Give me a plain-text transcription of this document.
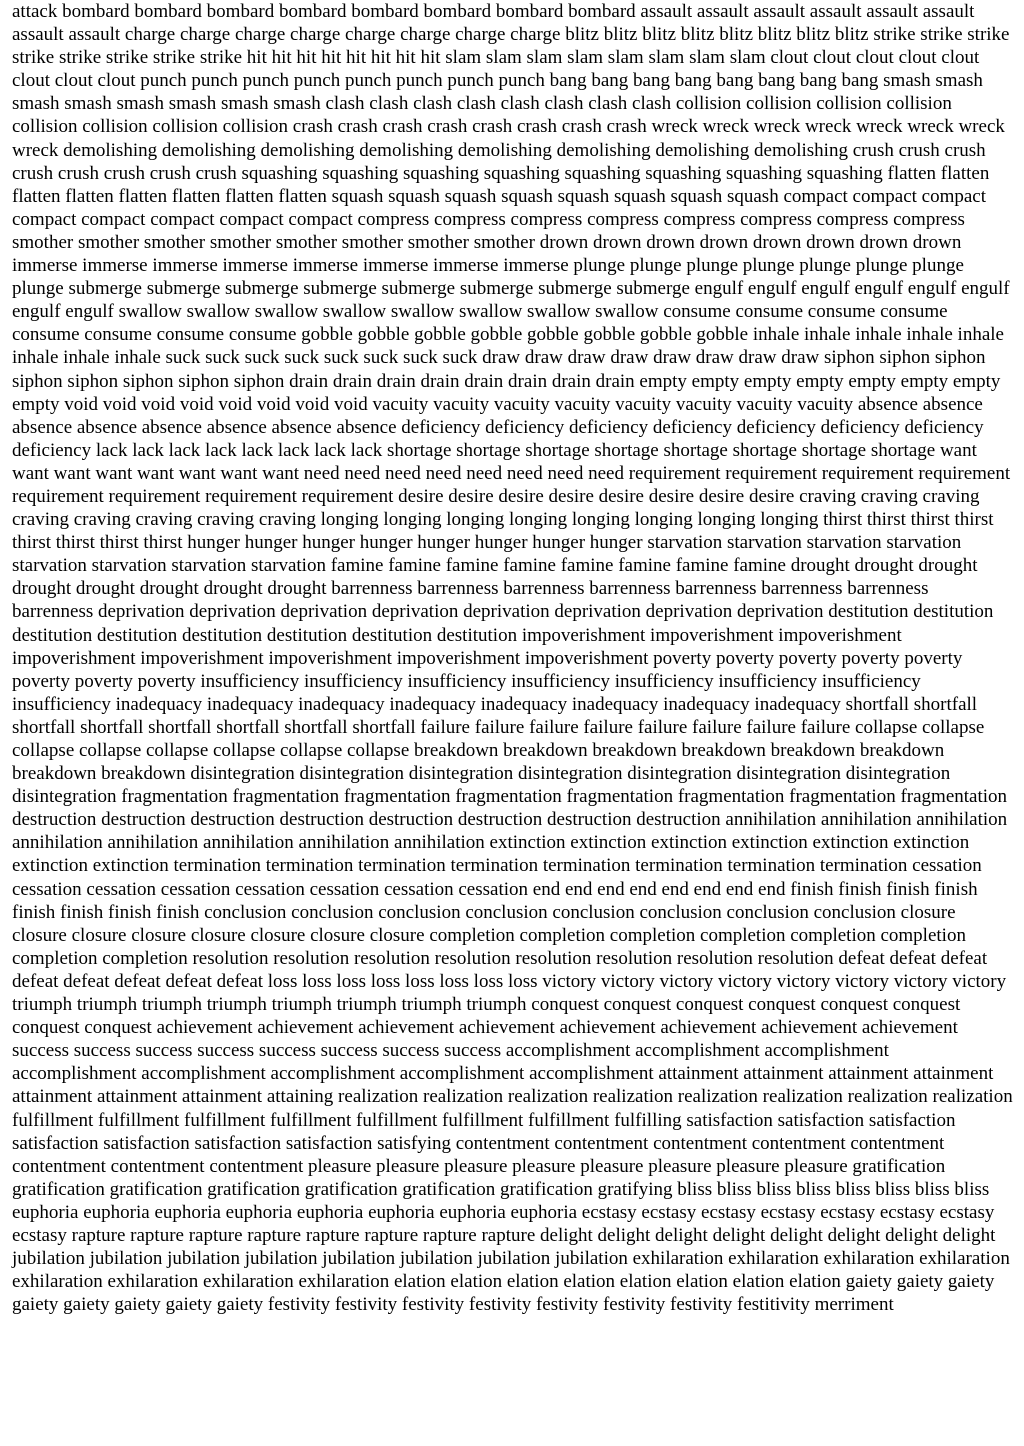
attack bombard bombard bombard bombard bombard bombard bombard bombard assault assault assault assault assault assault assault assault charge charge charge charge charge charge charge charge blitz blitz blitz blitz blitz blitz blitz blitz strike strike strike strike strike strike strike strike hit hit hit hit hit hit hit hit slam slam slam slam slam slam slam slam clout clout clout clout clout clout clout clout punch punch punch punch punch punch punch punch bang bang bang bang bang bang bang bang smash smash smash smash smash smash smash smash clash clash clash clash clash clash clash clash collision collision collision collision collision collision collision collision crash crash crash crash crash crash crash crash wreck wreck wreck wreck wreck wreck wreck wreck demolishing demolishing demolishing demolishing demolishing demolishing demolishing demolishing crush crush crush crush crush crush crush crush squashing squashing squashing squashing squashing squashing squashing squashing flatten flatten flatten flatten flatten flatten flatten flatten squash squash squash squash squash squash squash squash compact compact compact compact compact compact compact compact compress compress compress compress compress compress compress compress smother smother smother smother smother smother smother smother drown drown drown drown drown drown drown drown immerse immerse immerse immerse immerse immerse immerse immerse plunge plunge plunge plunge plunge plunge plunge plunge submerge submerge submerge submerge submerge submerge submerge submerge engulf engulf engulf engulf engulf engulf engulf engulf swallow swallow swallow swallow swallow swallow swallow swallow consume consume consume consume consume consume consume consume gobble gobble gobble gobble gobble gobble gobble gobble inhale inhale inhale inhale inhale inhale inhale inhale suck suck suck suck suck suck suck suck draw draw draw draw draw draw draw draw siphon siphon siphon siphon siphon siphon siphon siphon drain drain drain drain drain drain drain drain empty empty empty empty empty empty empty empty void void void void void void void void vacuity vacuity vacuity vacuity vacuity vacuity vacuity vacuity absence absence absence absence absence absence absence absence deficiency deficiency deficiency deficiency deficiency deficiency deficiency deficiency lack lack lack lack lack lack lack lack shortage shortage shortage shortage shortage shortage shortage shortage want want want want want want want want need need need need need need need need requirement requirement requirement requirement requirement requirement requirement requirement desire desire desire desire desire desire desire desire craving craving craving craving craving craving craving craving longing longing longing longing longing longing longing longing thirst thirst thirst thirst thirst thirst thirst thirst hunger hunger hunger hunger hunger hunger hunger hunger starvation starvation starvation starvation starvation starvation starvation starvation famine famine famine famine famine famine famine famine drought drought drought drought drought drought drought drought barrenness barrenness barrenness barrenness barrenness barrenness barrenness barrenness deprivation deprivation deprivation deprivation deprivation deprivation deprivation deprivation destitution destitution destitution destitution destitution destitution destitution destitution impoverishment impoverishment impoverishment impoverishment impoverishment impoverishment impoverishment impoverishment poverty poverty poverty poverty poverty poverty poverty poverty insufficiency insufficiency insufficiency insufficiency insufficiency insufficiency insufficiency insufficiency inadequacy inadequacy inadequacy inadequacy inadequacy inadequacy inadequacy inadequacy shortfall shortfall shortfall shortfall shortfall shortfall shortfall shortfall failure failure failure failure failure failure failure failure collapse collapse collapse collapse collapse collapse collapse collapse breakdown breakdown breakdown breakdown breakdown breakdown breakdown breakdown disintegration disintegration disintegration disintegration disintegration disintegration disintegration disintegration fragmentation fragmentation fragmentation fragmentation fragmentation fragmentation fragmentation fragmentation destruction destruction destruction destruction destruction destruction destruction destruction annihilation annihilation annihilation annihilation annihilation annihilation annihilation annihilation extinction extinction extinction extinction extinction extinction extinction extinction termination termination termination termination termination termination termination termination cessation cessation cessation cessation cessation cessation cessation cessation end end end end end end end end finish finish finish finish finish finish finish finish conclusion conclusion conclusion conclusion conclusion conclusion conclusion conclusion closure closure closure closure closure closure closure closure completion completion completion completion completion completion completion completion resolution resolution resolution resolution resolution resolution resolution resolution defeat defeat defeat defeat defeat defeat defeat defeat loss loss loss loss loss loss loss loss victory victory victory victory victory victory victory victory triumph triumph triumph triumph triumph triumph triumph triumph conquest conquest conquest conquest conquest conquest conquest conquest achievement achievement achievement achievement achievement achievement achievement achievement success success success success success success success success accomplishment accomplishment accomplishment accomplishment accomplishment accomplishment accomplishment accomplishment attainment attainment attainment attainment attainment attainment attainment attaining realization realization realization realization realization realization realization realization fulfillment fulfillment fulfillment fulfillment fulfillment fulfillment fulfillment fulfilling satisfaction satisfaction satisfaction satisfaction satisfaction satisfaction satisfaction satisfying contentment contentment contentment contentment contentment contentment contentment contentment pleasure pleasure pleasure pleasure pleasure pleasure pleasure pleasure gratification gratification gratification gratification gratification gratification gratification gratifying bliss bliss bliss bliss bliss bliss bliss bliss euphoria euphoria euphoria euphoria euphoria euphoria euphoria euphoria ecstasy ecstasy ecstasy ecstasy ecstasy ecstasy ecstasy ecstasy rapture rapture rapture rapture rapture rapture rapture rapture delight delight delight delight delight delight delight delight jubilation jubilation jubilation jubilation jubilation jubilation jubilation jubilation exhilaration exhilaration exhilaration exhilaration exhilaration exhilaration exhilaration exhilaration elation elation elation elation elation elation elation elation gaiety gaiety gaiety gaiety gaiety gaiety gaiety gaiety festivity festivity festivity festivity festivity festivity festivity festitivity merriment
